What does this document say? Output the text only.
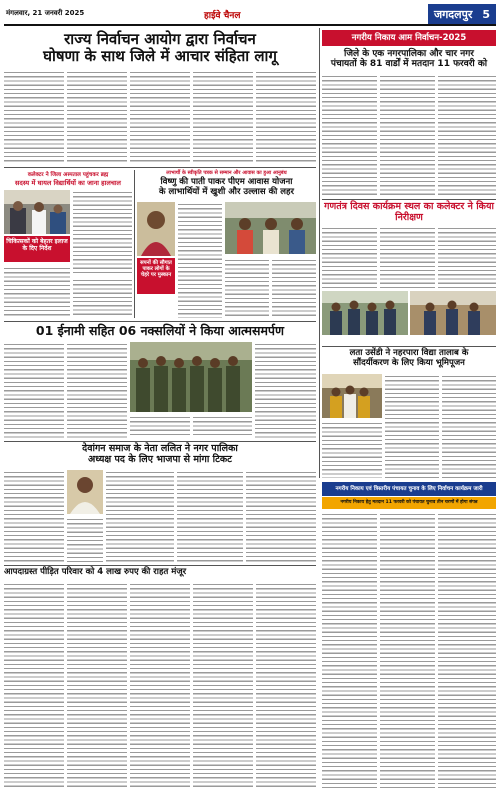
मंगलवार, 21 जनवरी 2025	हाईवे चैनल	जगदलपुर 5
राज्य निर्वाचन आयोग द्वारा निर्वाचन
घोषणा के साथ जिले में आचार संहिता लागू
कलेक्टर ने जिला अस्पताल पहुंचकर ब्रह्म
सदस्य में घायल विद्यार्थियों का जाना हालचाल
चिकित्सकों को बेहतर इलाज के दिए निर्देश
लाभार्थी के स्वीकृति पत्रक से सम्मान और आवास का हुआ आनुबंध
विष्णु की पाती पाकर पीएम आवास योजना
के लाभार्थियों में खुशी और उल्लास की लहर
सपनों की सौगात पाकर लोगों के चेहरे पर मुस्कान
01 ईनामी सहित 06 नक्सलियों ने किया आत्मसमर्पण
देवांगन समाज के नेता ललित ने नगर पालिका
अध्यक्ष पद के लिए भाजपा से मांगा टिकट
आपदाग्रस्त पीड़ित परिवार को 4 लाख रुपए की राहत मंजूर
नगरीय निकाय आम निर्वाचन-2025
जिले के एक नगरपालिका और चार नगर
पंचायतों के 81 वार्डों में मतदान 11 फरवरी को
गणतंत्र दिवस कार्यक्रम स्थल का कलेक्टर ने किया निरीक्षण
लता उसेंडी ने नहरपारा विद्या तालाब के
सौंदर्यीकरण के लिए किया भूमिपूजन
नगरीय निकाय एवं त्रिस्तरीय पंचायत चुनाव के लिए निर्वाचन कार्यक्रम जारी
नगरीय निकाय हेतु मतदान 11 फरवरी को पंचायत चुनाव तीन चरणों में होगा संपन्न
